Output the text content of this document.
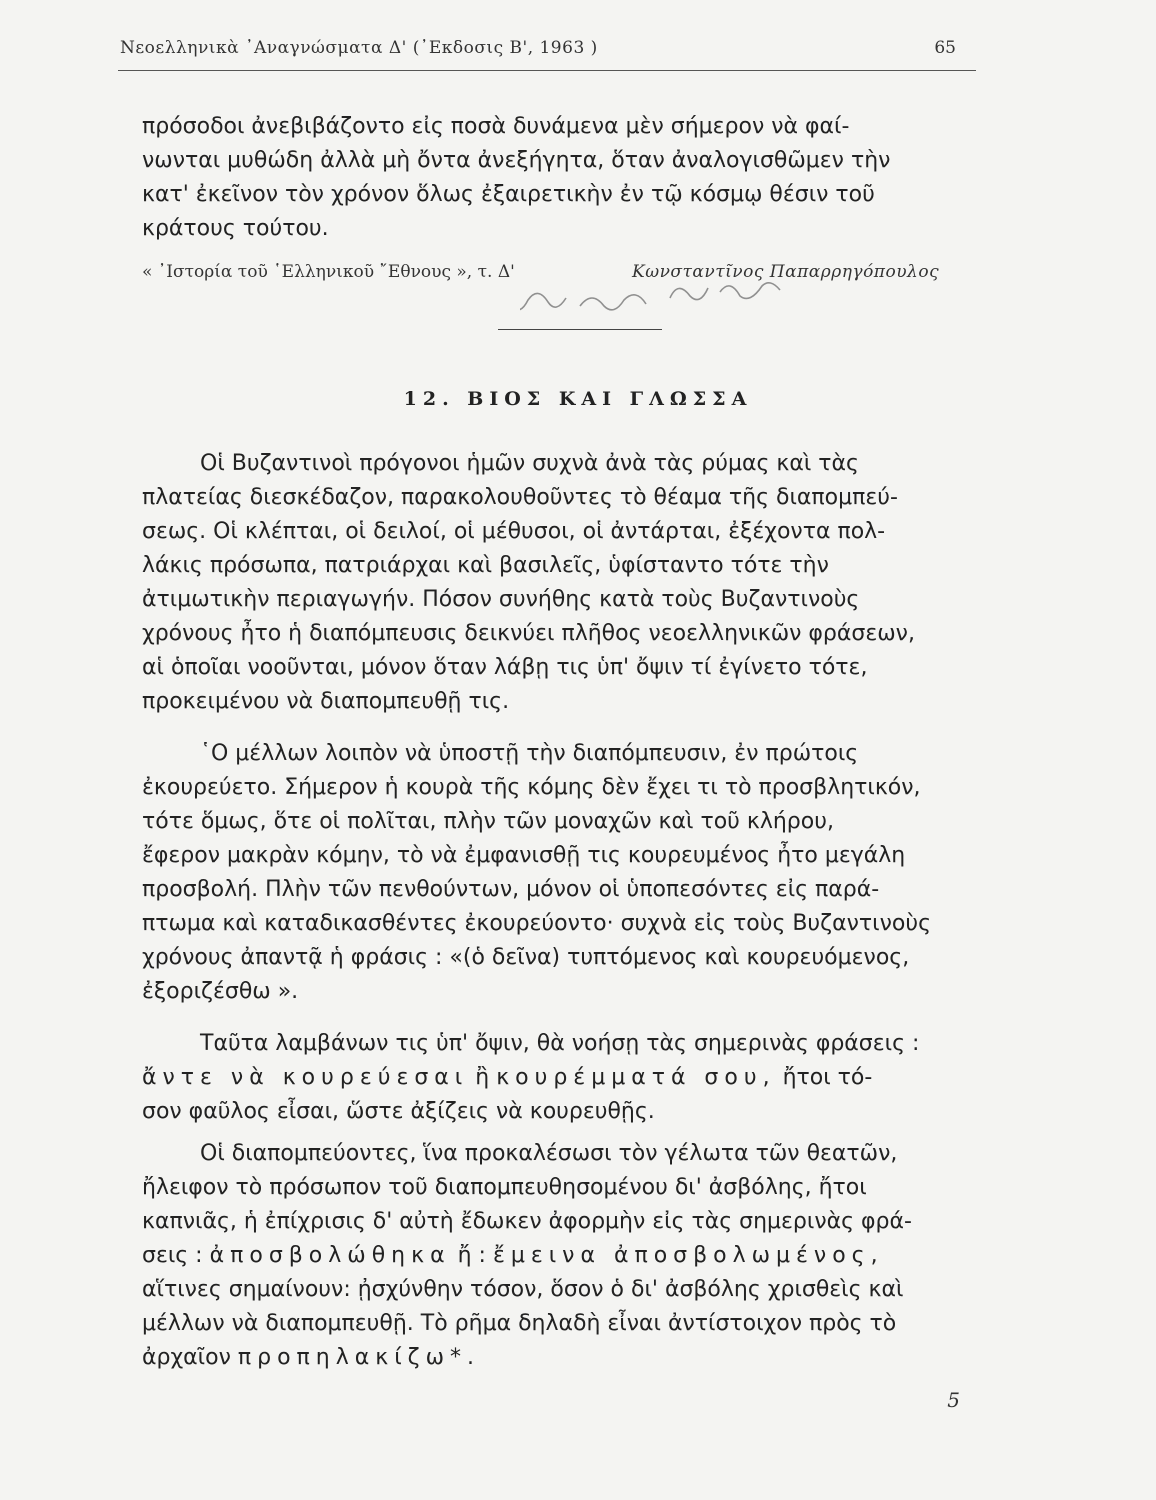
Νεοελληνικὰ ᾿Αναγνώσματα Δ' (᾿Εκδοσις Β', 1963 )	65

πρόσοδοι ἀνεβιβάζοντο εἰς ποσὰ δυνάμενα μὲν σήμερον νὰ φαί-

νωνται μυθώδη ἀλλὰ μὴ ὄντα ἀνεξήγητα, ὅταν ἀναλογισθῶμεν τὴν

κατ' ἐκεῖνον τὸν χρόνον ὅλως ἐξαιρετικὴν ἐν τῷ κόσμῳ θέσιν τοῦ

κράτους τούτου.

« ᾿Ιστορία τοῦ ῾Ελληνικοῦ ῎Εθνους », τ. Δ'	Κωνσταντῖνος Παπαρρηγόπουλος
12. ΒΙΟΣ ΚΑΙ ΓΛΩΣΣΑ

Οἱ Βυζαντινοὶ πρόγονοι ἡμῶν συχνὰ ἀνὰ τὰς ρύμας καὶ τὰς

πλατείας διεσκέδαζον, παρακολουθοῦντες τὸ θέαμα τῆς διαπομπεύ-

σεως. Οἱ κλέπται, οἱ δειλοί, οἱ μέθυσοι, οἱ ἀντάρται, ἐξέχοντα πολ-

λάκις πρόσωπα, πατριάρχαι καὶ βασιλεῖς, ὑφίσταντο τότε τὴν

ἀτιμωτικὴν περιαγωγήν. Πόσον συνήθης κατὰ τοὺς Βυζαντινοὺς

χρόνους ἦτο ἡ διαπόμπευσις δεικνύει πλῆθος νεοελληνικῶν φράσεων,

αἱ ὁποῖαι νοοῦνται, μόνον ὅταν λάβῃ τις ὑπ' ὄψιν τί ἐγίνετο τότε,

προκειμένου νὰ διαπομπευθῇ τις.

῾Ο μέλλων λοιπὸν νὰ ὑποστῇ τὴν διαπόμπευσιν, ἐν πρώτοις

ἐκουρεύετο. Σήμερον ἡ κουρὰ τῆς κόμης δὲν ἔχει τι τὸ προσβλητικόν,

τότε ὅμως, ὅτε οἱ πολῖται, πλὴν τῶν μοναχῶν καὶ τοῦ κλήρου,

ἔφερον μακρὰν κόμην, τὸ νὰ ἐμφανισθῇ τις κουρευμένος ἦτο μεγάλη

προσβολή. Πλὴν τῶν πενθούντων, μόνον οἱ ὑποπεσόντες εἰς παρά-

πτωμα καὶ καταδικασθέντες ἐκουρεύοντο· συχνὰ εἰς τοὺς Βυζαντινοὺς

χρόνους ἀπαντᾷ ἡ φράσις : «(ὁ δεῖνα) τυπτόμενος καὶ κουρευόμενος,

ἐξοριζέσθω ».

Ταῦτα λαμβάνων τις ὑπ' ὄψιν, θὰ νοήσῃ τὰς σημερινὰς φράσεις :

ἄντε νὰ κουρεύεσαι ἢ κουρέμματά σου, ἤτοι τό-

σον φαῦλος εἶσαι, ὥστε ἀξίζεις νὰ κουρευθῇς.

Οἱ διαπομπεύοντες, ἵνα προκαλέσωσι τὸν γέλωτα τῶν θεατῶν,

ἤλειφον τὸ πρόσωπον τοῦ διαπομπευθησομένου δι' ἀσβόλης, ἤτοι

καπνιᾶς, ἡ ἐπίχρισις δ' αὐτὴ ἔδωκεν ἀφορμὴν εἰς τὰς σημερινὰς φρά-

σεις : ἀποσβολώθηκα ἤ : ἔμεινα ἀποσβολωμένος,

αἵτινες σημαίνουν: ᾐσχύνθην τόσον, ὅσον ὁ δι' ἀσβόλης χρισθεὶς καὶ

μέλλων νὰ διαπομπευθῇ. Τὸ ρῆμα δηλαδὴ εἶναι ἀντίστοιχον πρὸς τὸ

ἀρχαῖον προπηλακίζω*.

5
